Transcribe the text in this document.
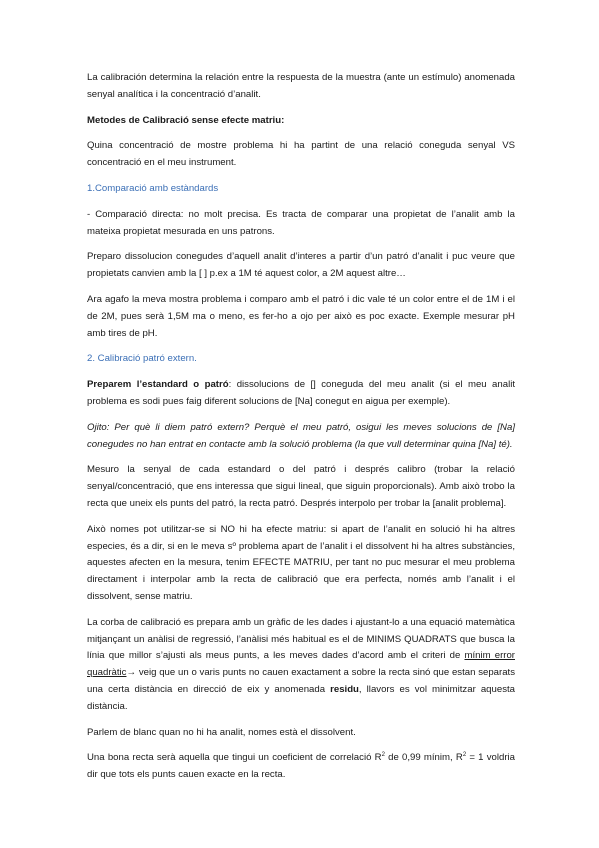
La calibración determina la relación entre la respuesta de la muestra (ante un estímulo) anomenada senyal analítica i la concentració d’analit.

Metodes de Calibració sense efecte matriu:

Quina concentració de mostre problema hi ha partint de una relació coneguda senyal VS concentració en el meu instrument.

1.Comparació amb estàndards

- Comparació directa: no molt precisa. Es tracta de comparar una propietat de l’analit amb la mateixa propietat mesurada en uns patrons.

Preparo dissolucion conegudes d’aquell analit d’interes a partir d’un patró d’analit i puc veure que propietats canvien amb la [ ] p.ex a 1M té aquest color, a 2M aquest altre…

Ara agafo la meva mostra problema i comparo amb el patró i dic vale té un color entre el de 1M i el de 2M, pues serà 1,5M ma o meno, es fer-ho a ojo per això es poc exacte. Exemple mesurar pH amb tires de pH.

2. Calibració patró extern.

Preparem l’estandard o patró: dissolucions de [] coneguda del meu analit (si el meu analit problema es sodi pues faig diferent solucions de [Na] conegut en aigua per exemple).

Ojito: Per què li diem patró extern? Perquè el meu patró, osigui les meves solucions de [Na] conegudes no han entrat en contacte amb la solució problema (la que vull determinar quina [Na] té).

Mesuro la senyal de cada estandard o del patró i després calibro (trobar la relació senyal/concentració, que ens interessa que sigui lineal, que siguin proporcionals). Amb això trobo la recta que uneix els punts del patró, la recta patró. Després interpolo per trobar la [analit problema].

Això nomes pot utilitzar-se si NO hi ha efecte matriu: si apart de l’analit en solució hi ha altres especies, és a dir, si en le meva sº problema apart de l’analit i el dissolvent hi ha altres substàncies, aquestes afecten en la mesura, tenim EFECTE MATRIU, per tant no puc mesurar el meu problema directament i interpolar amb la recta de calibració que era perfecta, només amb l’analit i el dissolvent, sense matriu.

La corba de calibració es prepara amb un gràfic de les dades i ajustant-lo a una equació matemàtica mitjançant un anàlisi de regressió, l’anàlisi més habitual es el de MINIMS QUADRATS que busca la línia que millor s’ajusti als meus punts, a les meves dades d’acord amb el criteri de mínim error quadràtic→ veig que un o varis punts no cauen exactament a sobre la recta sinó que estan separats una certa distància en direcció de eix y anomenada residu, llavors es vol minimitzar aquesta distància.

Parlem de blanc quan no hi ha analit, nomes està el dissolvent.

Una bona recta serà aquella que tingui un coeficient de correlació $R^2$ de 0,99 mínim, $R^2 = 1$ voldria dir que tots els punts cauen exacte en la recta.
